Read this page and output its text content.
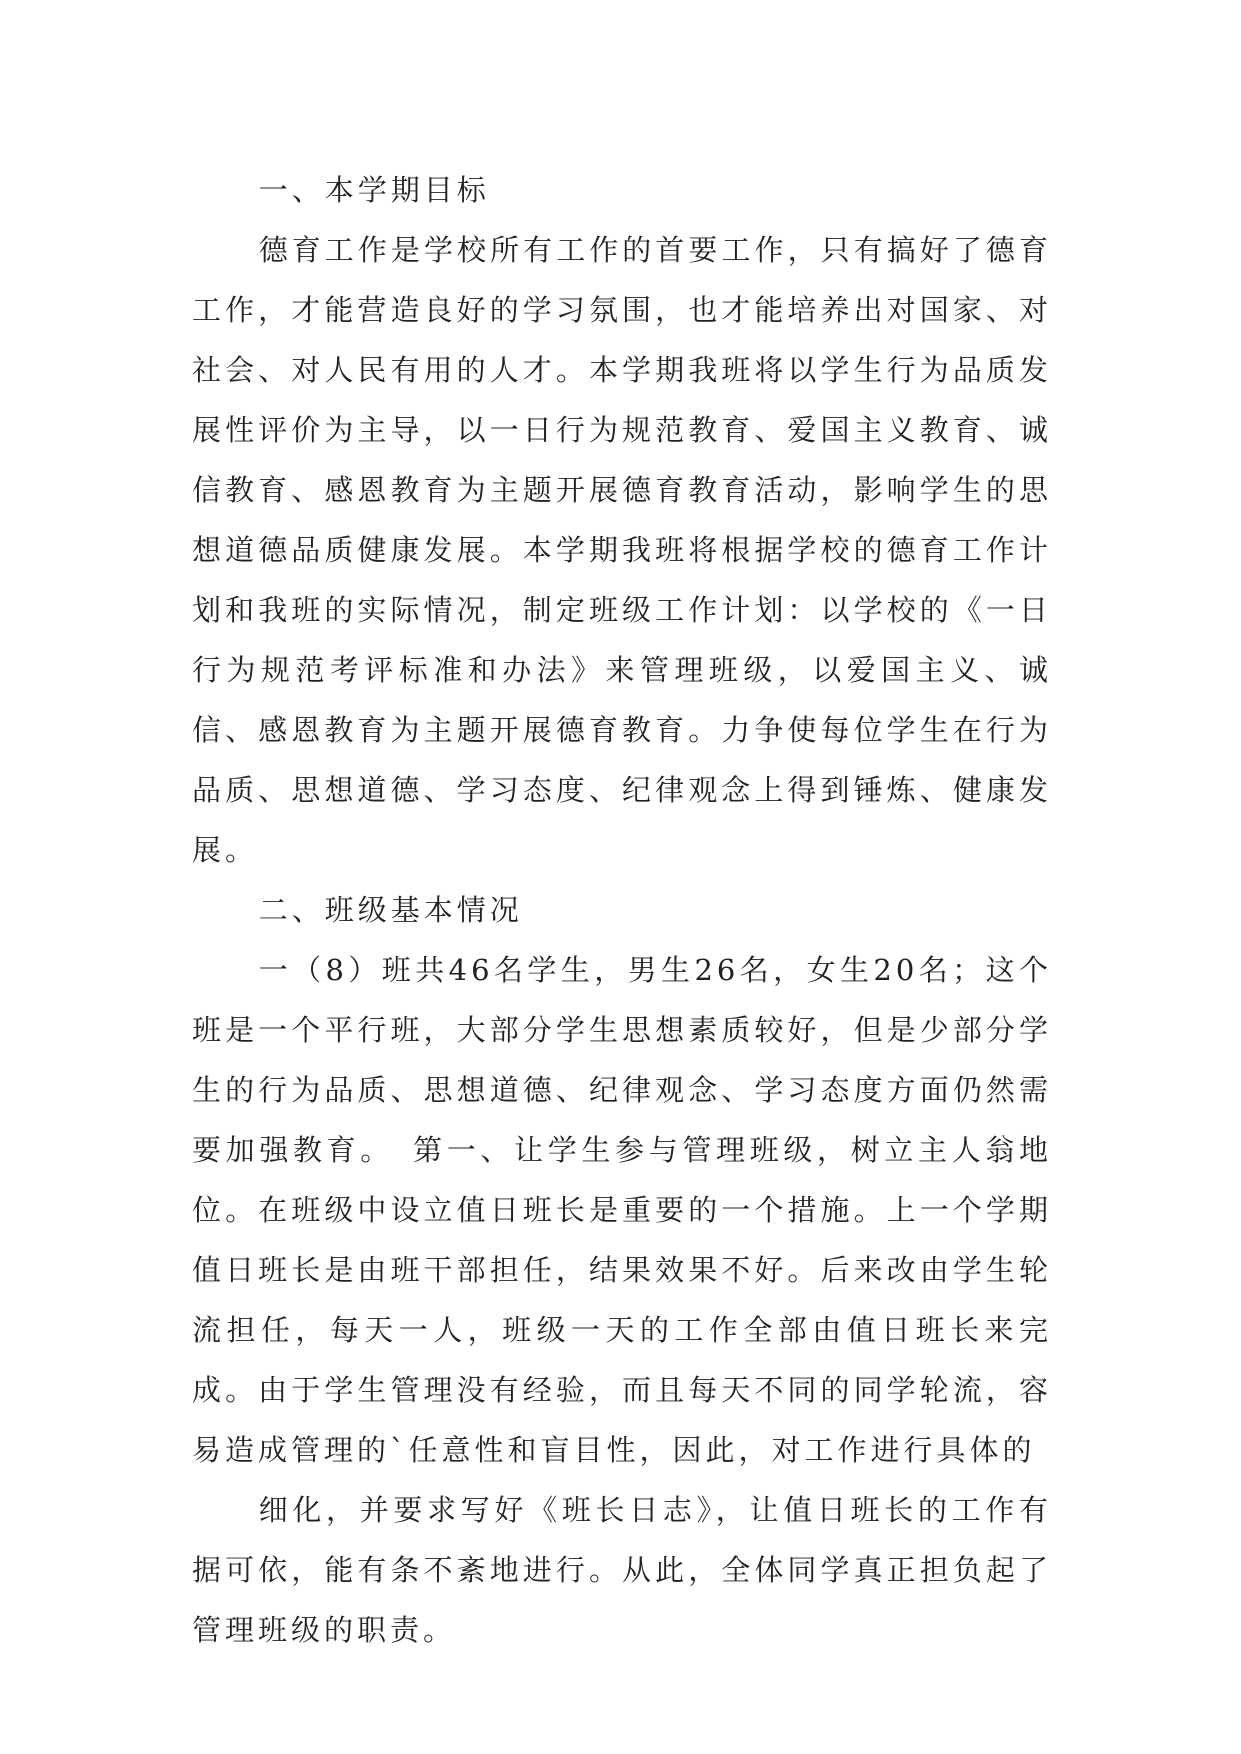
一、本学期目标

德育工作是学校所有工作的首要工作，只有搞好了德育工作，才能营造良好的学习氛围，也才能培养出对国家、对社会、对人民有用的人才。本学期我班将以学生行为品质发展性评价为主导，以一日行为规范教育、爱国主义教育、诚信教育、感恩教育为主题开展德育教育活动，影响学生的思想道德品质健康发展。本学期我班将根据学校的德育工作计划和我班的实际情况，制定班级工作计划：以学校的《一日行为规范考评标准和办法》来管理班级，以爱国主义、诚信、感恩教育为主题开展德育教育。力争使每位学生在行为品质、思想道德、学习态度、纪律观念上得到锤炼、健康发展。

二、班级基本情况

一（8）班共46名学生，男生26名，女生20名；这个班是一个平行班，大部分学生思想素质较好，但是少部分学生的行为品质、思想道德、纪律观念、学习态度方面仍然需要加强教育。　第一、让学生参与管理班级，树立主人翁地位。在班级中设立值日班长是重要的一个措施。上一个学期值日班长是由班干部担任，结果效果不好。后来改由学生轮流担任，每天一人，班级一天的工作全部由值日班长来完成。由于学生管理没有经验，而且每天不同的同学轮流，容易造成管理的`任意性和盲目性，因此，对工作进行具体的

细化，并要求写好《班长日志》，让值日班长的工作有据可依，能有条不紊地进行。从此，全体同学真正担负起了管理班级的职责。
